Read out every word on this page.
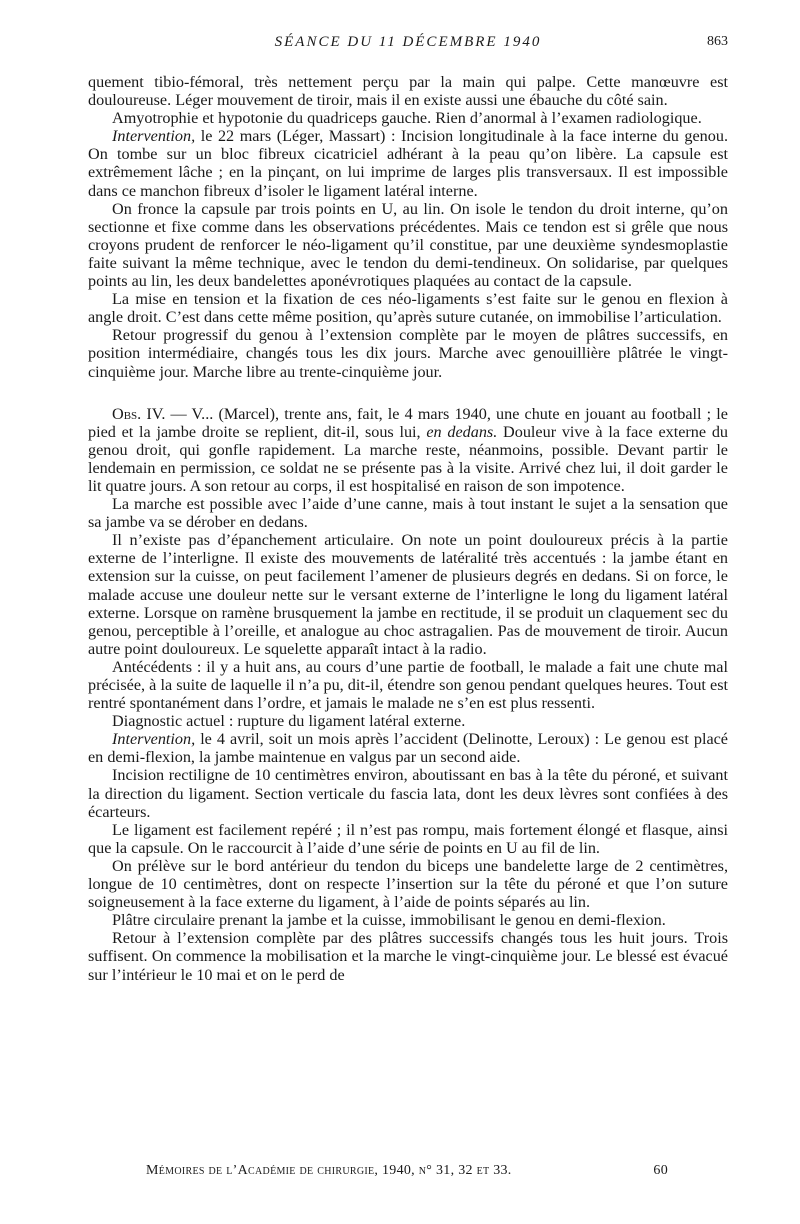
SÉANCE DU 11 DÉCEMBRE 1940	863

quement tibio-fémoral, très nettement perçu par la main qui palpe. Cette manœuvre est douloureuse. Léger mouvement de tiroir, mais il en existe aussi une ébauche du côté sain.

Amyotrophie et hypotonie du quadriceps gauche. Rien d’anormal à l’examen radiologique.

Intervention, le 22 mars (Léger, Massart) : Incision longitudinale à la face interne du genou. On tombe sur un bloc fibreux cicatriciel adhérant à la peau qu’on libère. La capsule est extrêmement lâche ; en la pinçant, on lui imprime de larges plis transversaux. Il est impossible dans ce manchon fibreux d’isoler le ligament latéral interne.

On fronce la capsule par trois points en U, au lin. On isole le tendon du droit interne, qu’on sectionne et fixe comme dans les observations précédentes. Mais ce tendon est si grêle que nous croyons prudent de renforcer le néo-ligament qu’il constitue, par une deuxième syndesmoplastie faite suivant la même technique, avec le tendon du demi-tendineux. On solidarise, par quelques points au lin, les deux bandelettes aponévrotiques plaquées au contact de la capsule.

La mise en tension et la fixation de ces néo-ligaments s’est faite sur le genou en flexion à angle droit. C’est dans cette même position, qu’après suture cutanée, on immobilise l’articulation.

Retour progressif du genou à l’extension complète par le moyen de plâtres successifs, en position intermédiaire, changés tous les dix jours. Marche avec genouillière plâtrée le vingt-cinquième jour. Marche libre au trente-cinquième jour.

Obs. IV. — V... (Marcel), trente ans, fait, le 4 mars 1940, une chute en jouant au football ; le pied et la jambe droite se replient, dit-il, sous lui, en dedans. Douleur vive à la face externe du genou droit, qui gonfle rapidement. La marche reste, néanmoins, possible. Devant partir le lendemain en permission, ce soldat ne se présente pas à la visite. Arrivé chez lui, il doit garder le lit quatre jours. A son retour au corps, il est hospitalisé en raison de son impotence.

La marche est possible avec l’aide d’une canne, mais à tout instant le sujet a la sensation que sa jambe va se dérober en dedans.

Il n’existe pas d’épanchement articulaire. On note un point douloureux précis à la partie externe de l’interligne. Il existe des mouvements de latéralité très accentués : la jambe étant en extension sur la cuisse, on peut facilement l’amener de plusieurs degrés en dedans. Si on force, le malade accuse une douleur nette sur le versant externe de l’interligne le long du ligament latéral externe. Lorsque on ramène brusquement la jambe en rectitude, il se produit un claquement sec du genou, perceptible à l’oreille, et analogue au choc astragalien. Pas de mouvement de tiroir. Aucun autre point douloureux. Le squelette apparaît intact à la radio.

Antécédents : il y a huit ans, au cours d’une partie de football, le malade a fait une chute mal précisée, à la suite de laquelle il n’a pu, dit-il, étendre son genou pendant quelques heures. Tout est rentré spontanément dans l’ordre, et jamais le malade ne s’en est plus ressenti.

Diagnostic actuel : rupture du ligament latéral externe.

Intervention, le 4 avril, soit un mois après l’accident (Delinotte, Leroux) : Le genou est placé en demi-flexion, la jambe maintenue en valgus par un second aide.

Incision rectiligne de 10 centimètres environ, aboutissant en bas à la tête du péroné, et suivant la direction du ligament. Section verticale du fascia lata, dont les deux lèvres sont confiées à des écarteurs.

Le ligament est facilement repéré ; il n’est pas rompu, mais fortement élongé et flasque, ainsi que la capsule. On le raccourcit à l’aide d’une série de points en U au fil de lin.

On prélève sur le bord antérieur du tendon du biceps une bandelette large de 2 centimètres, longue de 10 centimètres, dont on respecte l’insertion sur la tête du péroné et que l’on suture soigneusement à la face externe du ligament, à l’aide de points séparés au lin.

Plâtre circulaire prenant la jambe et la cuisse, immobilisant le genou en demi-flexion.

Retour à l’extension complète par des plâtres successifs changés tous les huit jours. Trois suffisent. On commence la mobilisation et la marche le vingt-cinquième jour. Le blessé est évacué sur l’intérieur le 10 mai et on le perd de

Mémoires de l’Académie de chirurgie, 1940, n° 31, 32 et 33.	60
